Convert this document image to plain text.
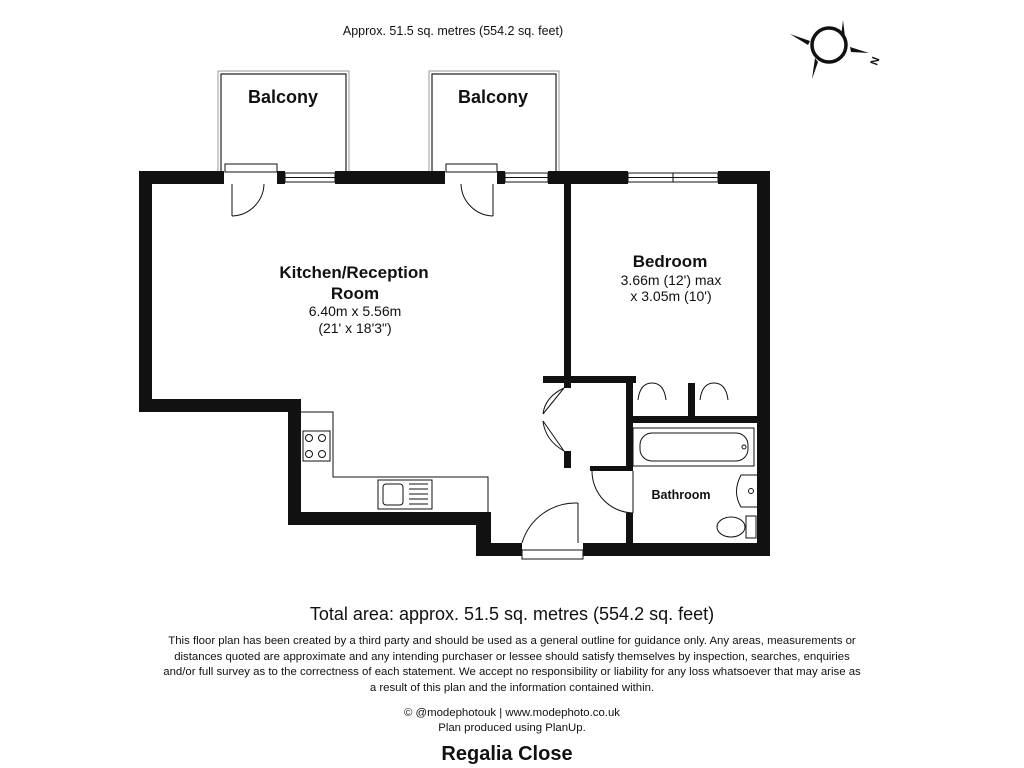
Approx. 51.5 sq. metres (554.2 sq. feet)
N
Balcony	Balcony
Kitchen/Reception
Room
6.40m x 5.56m
(21' x 18'3")
Bedroom
3.66m (12') max
x 3.05m (10')
Bathroom
Total area: approx. 51.5 sq. metres (554.2 sq. feet)
This floor plan has been created by a third party and should be used as a general outline for guidance only. Any areas, measurements or distances quoted are approximate and any intending purchaser or lessee should satisfy themselves by inspection, searches, enquiries and/or full survey as to the correctness of each statement. We accept no responsibility or liability for any loss whatsoever that may arise as a result of this plan and the information contained within.
© @modephotouk | www.modephoto.co.uk
Plan produced using PlanUp.
Regalia Close
